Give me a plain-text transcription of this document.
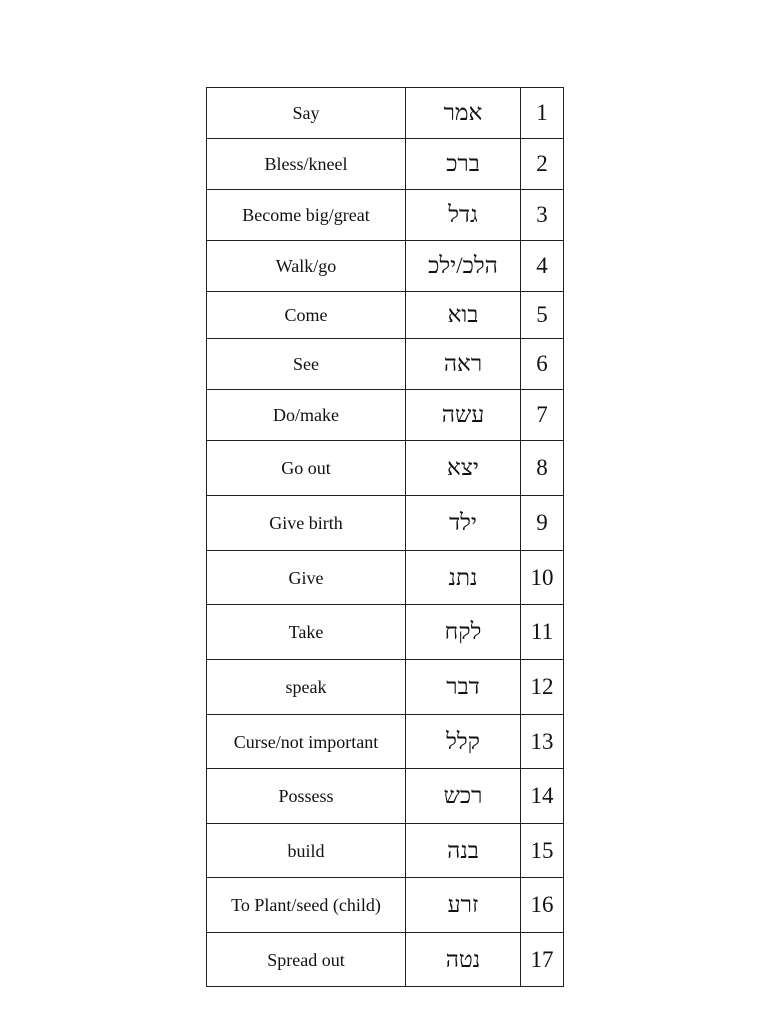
Say	אמר	1
Bless/kneel	ברכ	2
Become big/great	גדל	3
Walk/go	הלכ/ילכ	4
Come	בוא	5
See	ראה	6
Do/make	עשה	7
Go out	יצא	8
Give birth	ילד	9
Give	נתנ	10
Take	לקח	11
speak	דבר	12
Curse/not important	קלל	13
Possess	רכש	14
build	בנה	15
To Plant/seed (child)	זרע	16
Spread out	נטה	17
